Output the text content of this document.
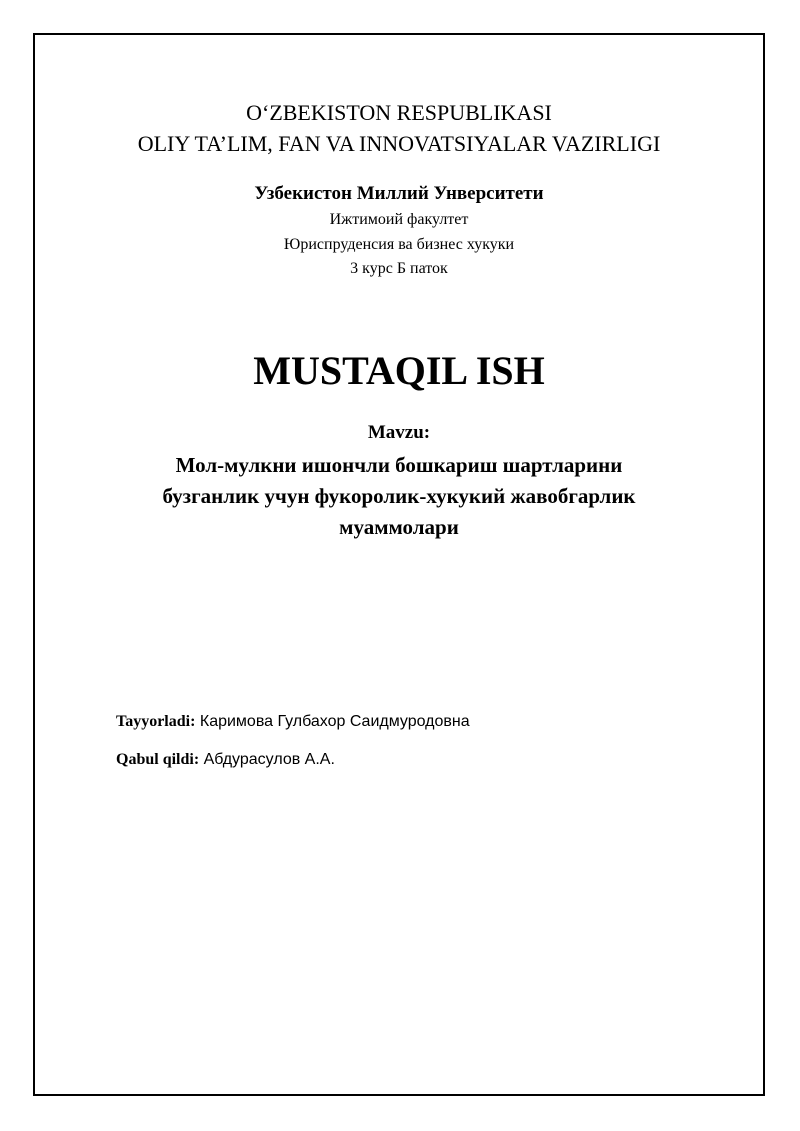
O‘ZBEKISTON RESPUBLIKASI
OLIY TA’LIM, FAN VA INNOVATSIYALAR VAZIRLIGI
Узбекистон Миллий Унверситети
Ижтимоий факултет
Юриспруденсия ва бизнес хукуки
3 курс Б паток
MUSTAQIL ISH
Mavzu:
Мол-мулкни ишончли бошкариш шартларини
бузганлик учун фукоролик-хукукий жавобгарлик
муаммолари
Tayyorladi: Каримова Гулбахор Саидмуродовна
Qabul qildi: Абдурасулов А.А.
